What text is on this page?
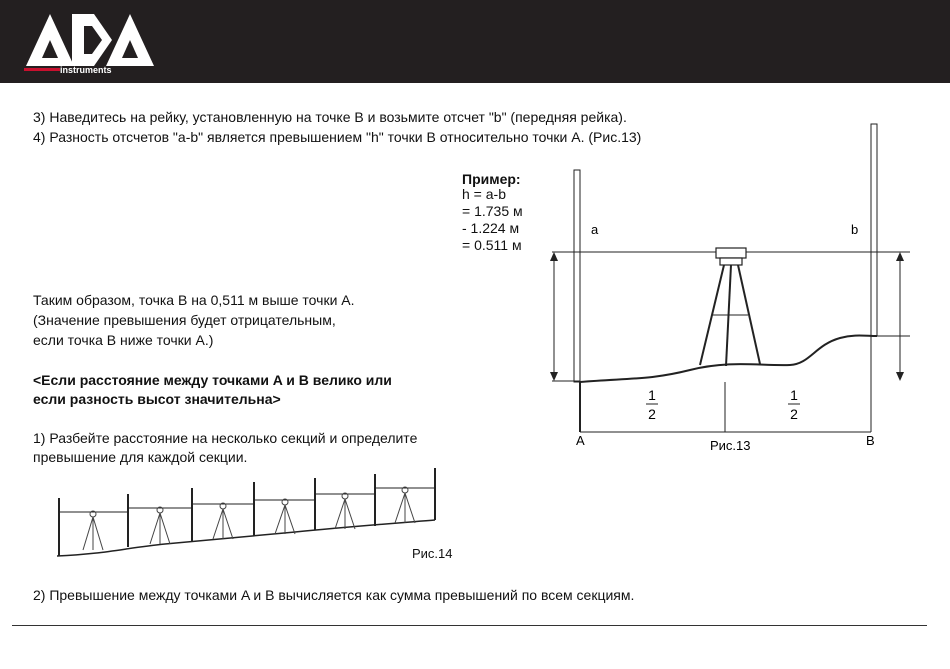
instruments
3) Наведитесь на рейку, установленную на точке B и возьмите отсчет "b" (передняя рейка).
4) Разность отсчетов "a-b" является превышением "h" точки B относительно точки A. (Рис.13)
Пример:
h = a-b
= 1.735 м
- 1.224 м
= 0.511 м
Таким образом, точка B на 0,511 м выше точки A.
(Значение превышения будет отрицательным,
если точка B ниже точки A.)
<Если расстояние между точками A и B велико или
если разность высот значительна>
1) Разбейте расстояние на несколько секций и определите
превышение для каждой секции.
1
2
1
2
a	b
A	B
Рис.13
Рис.14
2) Превышение между точками A и B вычисляется как сумма превышений по всем секциям.
